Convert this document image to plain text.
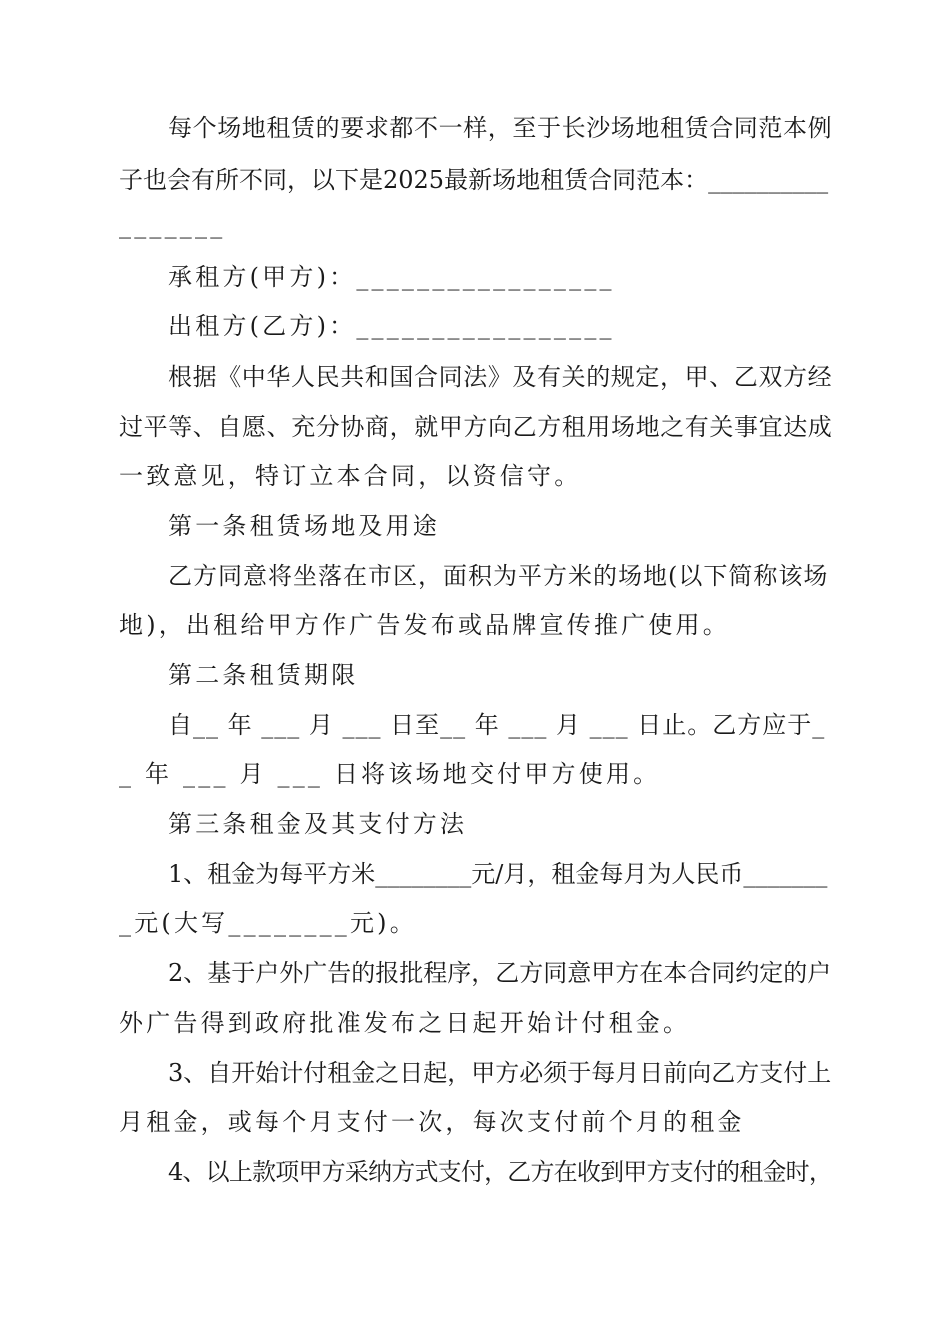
每个场地租赁的要求都不一样，至于长沙场地租赁合同范本例
子也会有所不同，以下是2025最新场地租赁合同范本：__________
_______
承租方(甲方)：_________________
出租方(乙方)：_________________
根据《中华人民共和国合同法》及有关的规定，甲、乙双方经
过平等、自愿、充分协商，就甲方向乙方租用场地之有关事宜达成
一致意见，特订立本合同，以资信守。
第一条租赁场地及用途
乙方同意将坐落在市区，面积为平方米的场地(以下简称该场
地)，出租给甲方作广告发布或品牌宣传推广使用。
第二条租赁期限
自__ 年 ___ 月 ___ 日至__ 年 ___ 月 ___ 日止。乙方应于_
_ 年 ___ 月 ___ 日将该场地交付甲方使用。
第三条租金及其支付方法
1、租金为每平方米________元/月，租金每月为人民币_______
_元(大写________元)。
2、基于户外广告的报批程序，乙方同意甲方在本合同约定的户
外广告得到政府批准发布之日起开始计付租金。
3、自开始计付租金之日起，甲方必须于每月日前向乙方支付上
月租金，或每个月支付一次，每次支付前个月的租金
4、以上款项甲方采纳方式支付，乙方在收到甲方支付的租金时，
